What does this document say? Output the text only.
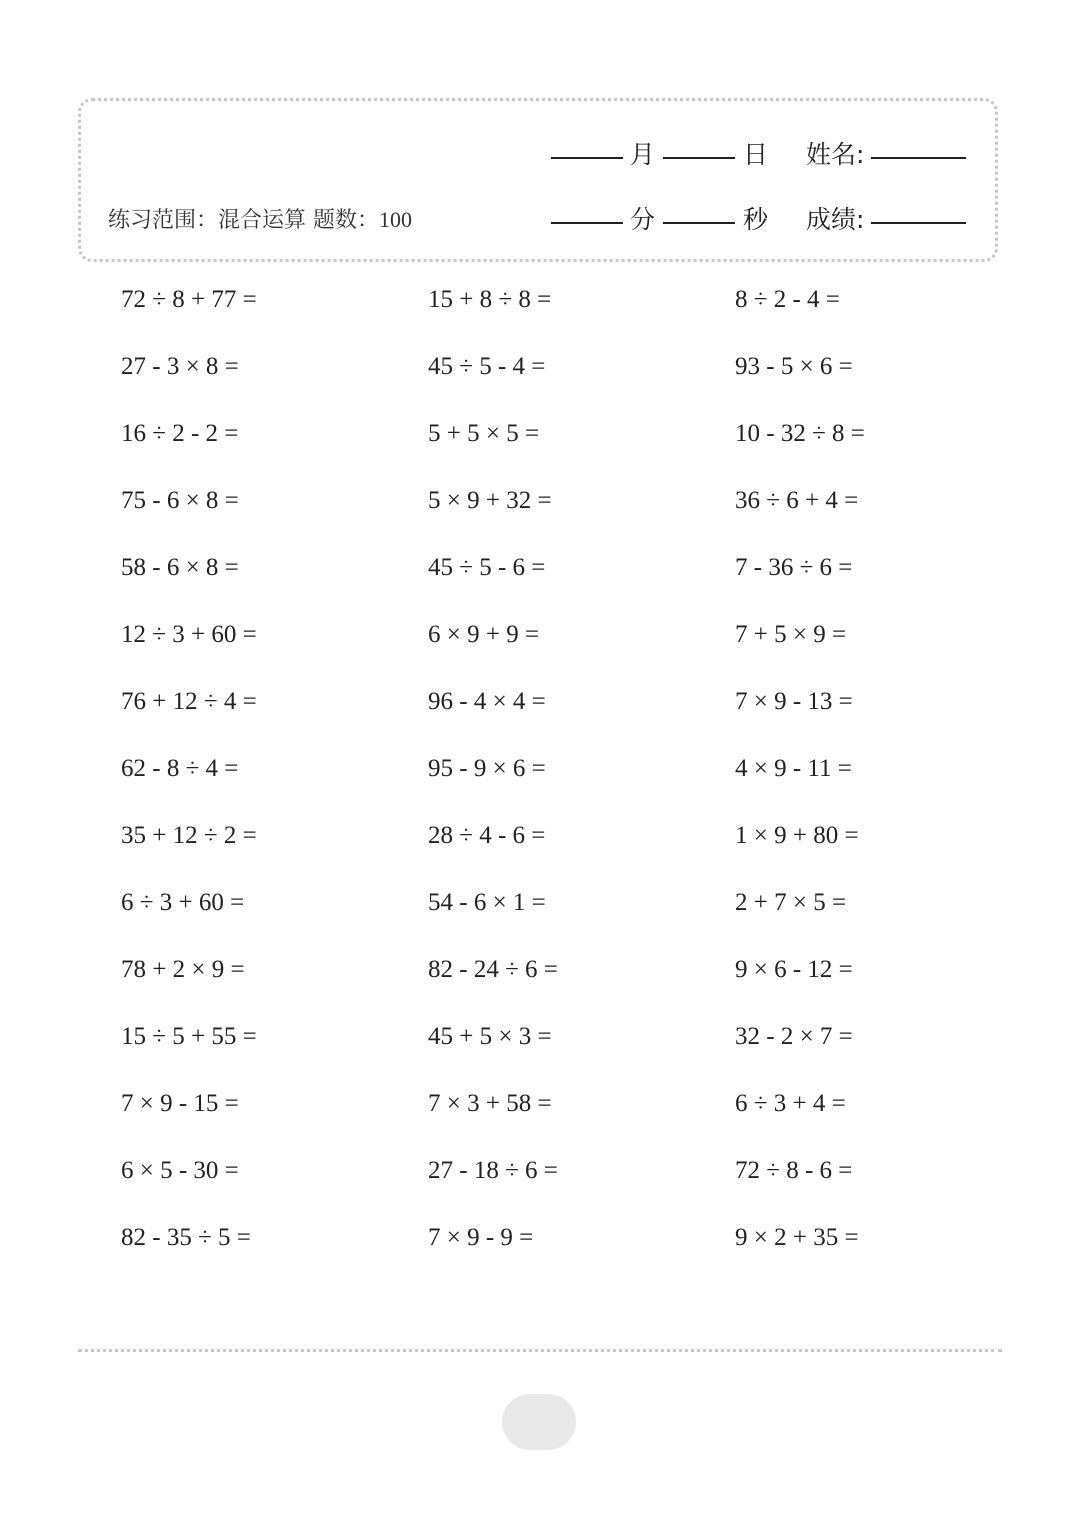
月	日 姓名:
练习范围：混合运算 题数：100	分	秒 成绩:
72 ÷ 8 + 77 =	15 + 8 ÷ 8 =	8 ÷ 2 - 4 =
27 - 3 × 8 =	45 ÷ 5 - 4 =	93 - 5 × 6 =
16 ÷ 2 - 2 =	5 + 5 × 5 =	10 - 32 ÷ 8 =
75 - 6 × 8 =	5 × 9 + 32 =	36 ÷ 6 + 4 =
58 - 6 × 8 =	45 ÷ 5 - 6 =	7 - 36 ÷ 6 =
12 ÷ 3 + 60 =	6 × 9 + 9 =	7 + 5 × 9 =
76 + 12 ÷ 4 =	96 - 4 × 4 =	7 × 9 - 13 =
62 - 8 ÷ 4 =	95 - 9 × 6 =	4 × 9 - 11 =
35 + 12 ÷ 2 =	28 ÷ 4 - 6 =	1 × 9 + 80 =
6 ÷ 3 + 60 =	54 - 6 × 1 =	2 + 7 × 5 =
78 + 2 × 9 =	82 - 24 ÷ 6 =	9 × 6 - 12 =
15 ÷ 5 + 55 =	45 + 5 × 3 =	32 - 2 × 7 =
7 × 9 - 15 =	7 × 3 + 58 =	6 ÷ 3 + 4 =
6 × 5 - 30 =	27 - 18 ÷ 6 =	72 ÷ 8 - 6 =
82 - 35 ÷ 5 =	7 × 9 - 9 =	9 × 2 + 35 =
